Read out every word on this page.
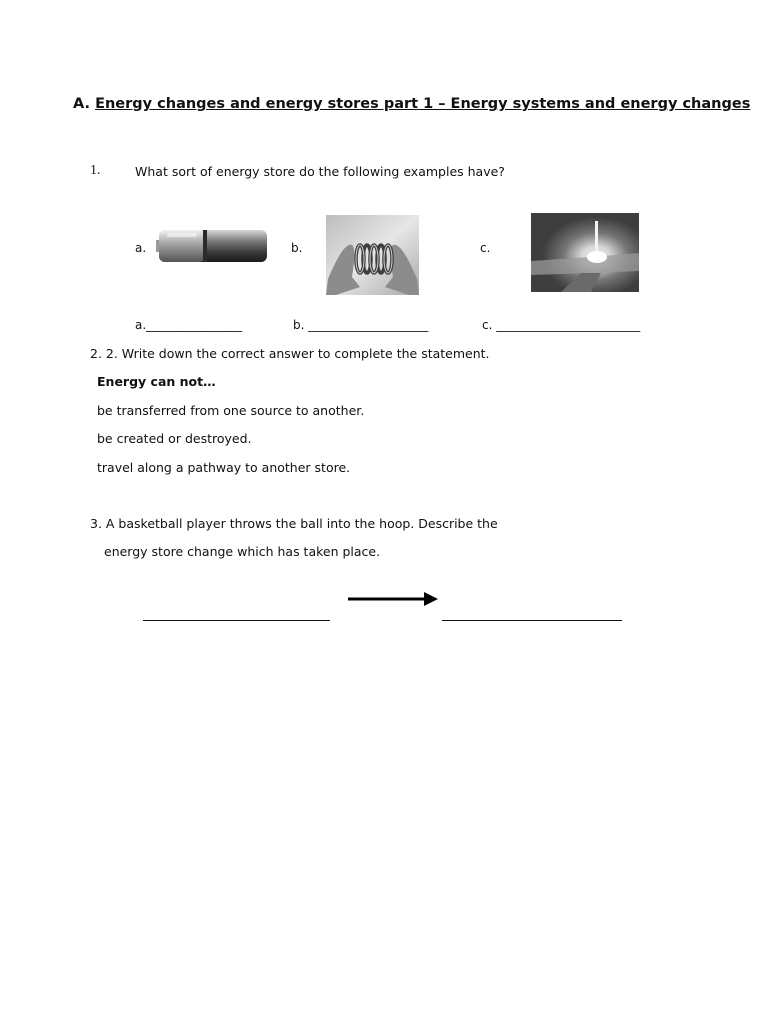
A. Energy changes and energy stores part 1 – Energy systems and energy changes
1.	What sort of energy store do the following examples have?
a.	b.	c.
a.________________	b. ____________________	c. ________________________
2. 2. Write down the correct answer to complete the statement.
Energy can not…
be transferred from one source to another.
be created or destroyed.
travel along a pathway to another store.
3. A basketball player throws the ball into the hoop. Describe the
energy store change which has taken place.
